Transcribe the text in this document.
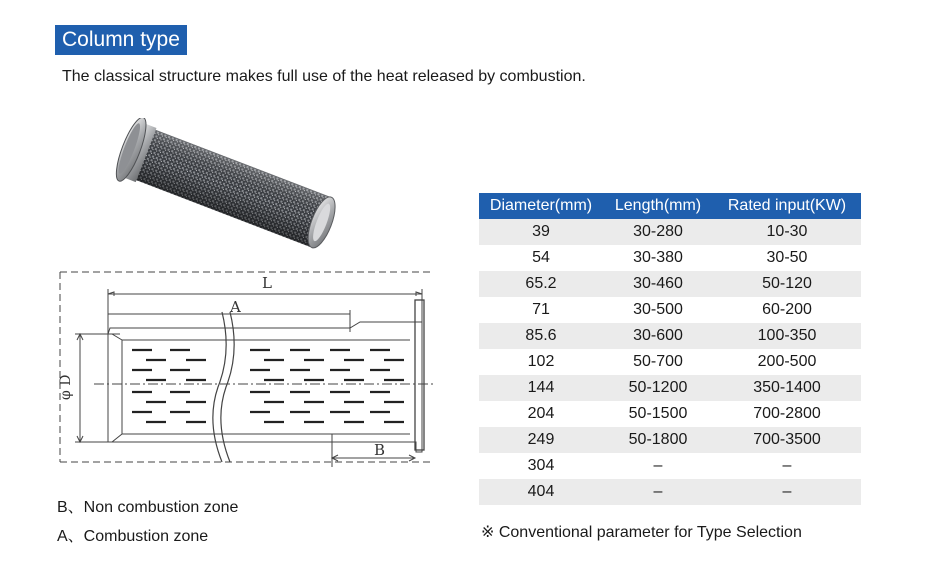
Column type
The classical structure makes full use of the heat released by combustion.
L
A
B
φ D
B、Non combustion zone
A、Combustion zone
Diameter(mm)	Length(mm)	Rated input(KW)
39	30-280	10-30
54	30-380	30-50
65.2	30-460	50-120
71	30-500	60-200
85.6	30-600	100-350
102	50-700	200-500
144	50-1200	350-1400
204	50-1500	700-2800
249	50-1800	700-3500
304	–	–
404	–	–
※ Conventional parameter for Type Selection
